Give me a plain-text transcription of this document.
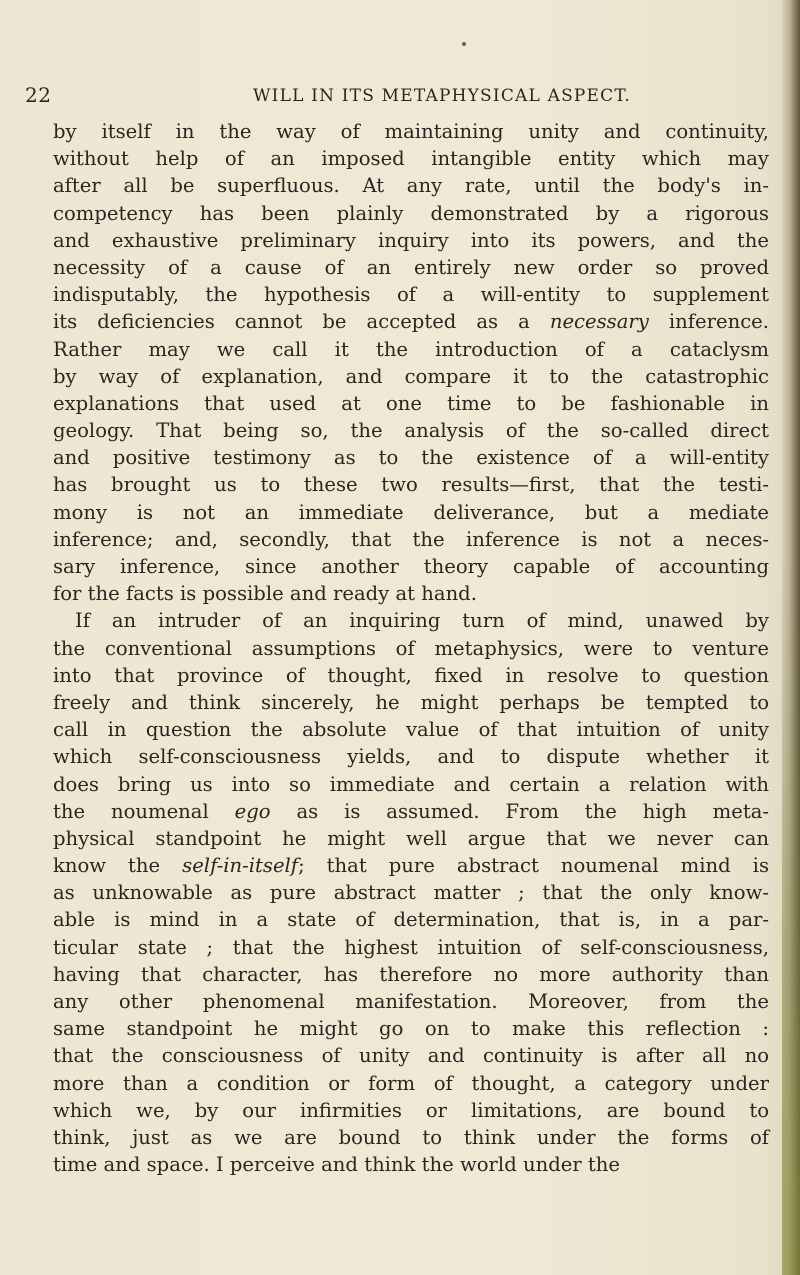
22	WILL IN ITS METAPHYSICAL ASPECT.
by itself in the way of maintaining unity and continuity,
without help of an imposed intangible entity which may
after all be superfluous. At any rate, until the body's in-
competency has been plainly demonstrated by a rigorous
and exhaustive preliminary inquiry into its powers, and the
necessity of a cause of an entirely new order so proved
indisputably, the hypothesis of a will-entity to supplement
its deficiencies cannot be accepted as a necessary inference.
Rather may we call it the introduction of a cataclysm
by way of explanation, and compare it to the catastrophic
explanations that used at one time to be fashionable in
geology. That being so, the analysis of the so-called direct
and positive testimony as to the existence of a will-entity
has brought us to these two results—first, that the testi-
mony is not an immediate deliverance, but a mediate
inference; and, secondly, that the inference is not a neces-
sary inference, since another theory capable of accounting
for the facts is possible and ready at hand.
If an intruder of an inquiring turn of mind, unawed by
the conventional assumptions of metaphysics, were to venture
into that province of thought, fixed in resolve to question
freely and think sincerely, he might perhaps be tempted to
call in question the absolute value of that intuition of unity
which self-consciousness yields, and to dispute whether it
does bring us into so immediate and certain a relation with
the noumenal ego as is assumed. From the high meta-
physical standpoint he might well argue that we never can
know the self-in-itself; that pure abstract noumenal mind is
as unknowable as pure abstract matter ; that the only know-
able is mind in a state of determination, that is, in a par-
ticular state ; that the highest intuition of self-consciousness,
having that character, has therefore no more authority than
any other phenomenal manifestation. Moreover, from the
same standpoint he might go on to make this reflection :
that the consciousness of unity and continuity is after all no
more than a condition or form of thought, a category under
which we, by our infirmities or limitations, are bound to
think, just as we are bound to think under the forms of
time and space. I perceive and think the world under the
